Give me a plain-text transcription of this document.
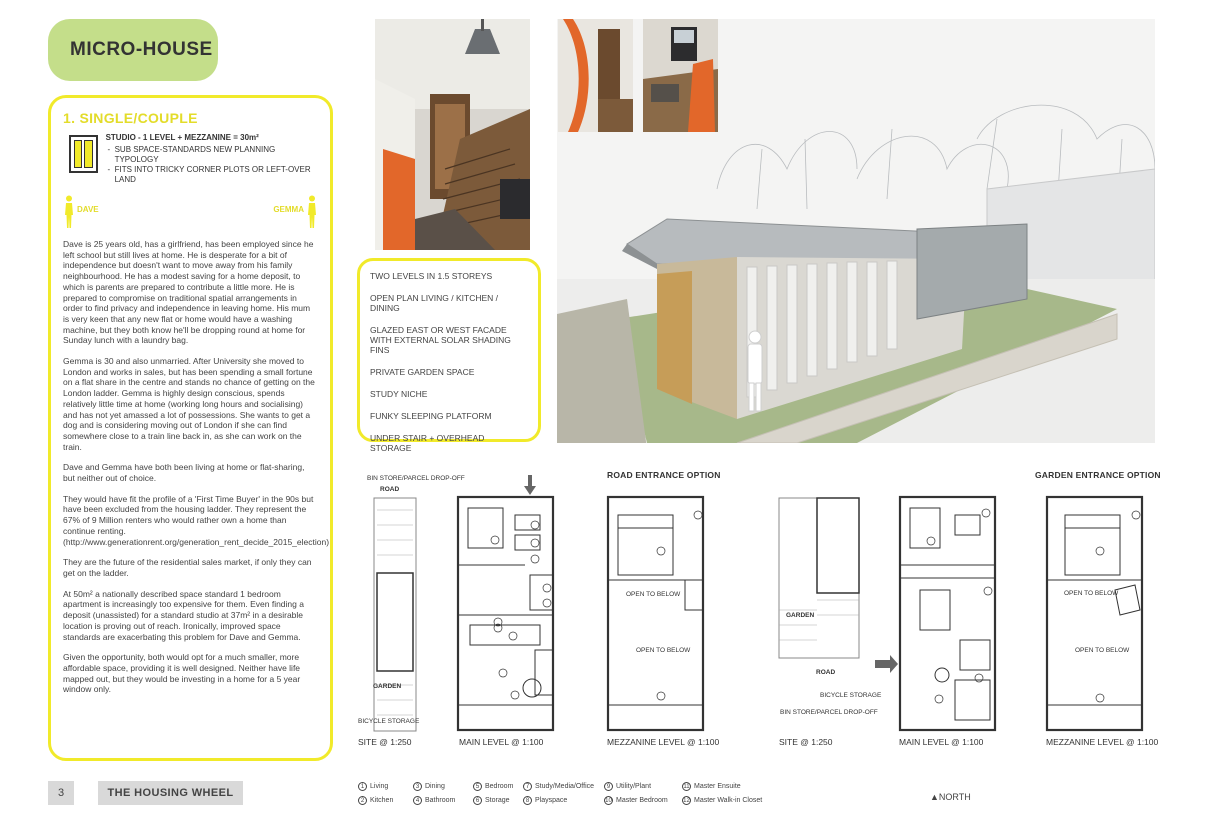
MICRO-HOUSE
1. SINGLE/COUPLE
STUDIO - 1 LEVEL + MEZZANINE = 30m²
- SUB SPACE-STANDARDS NEW PLANNING TYPOLOGY
- FITS INTO TRICKY CORNER PLOTS OR LEFT-OVER LAND
DAVE	GEMMA

Dave is 25 years old, has a girlfriend, has been employed since he left school but still lives at home. He is desperate for a bit of independence but doesn't want to move away from his family neighbourhood. He has a modest saving for a home deposit, to which is parents are prepared to contribute a little more. He is prepared to compromise on traditional spatial arrangements in order to find privacy and independence in leaving home. His mum is very keen that any new flat or home would have a washing machine, but they both know he'll be dropping round at home for Sunday lunch with a laundry bag.

Gemma is 30 and also unmarried. After University she moved to London and works in sales, but has been spending a small fortune on a flat share in the centre and stands no chance of getting on the London ladder. Gemma is highly design conscious, spends relatively little time at home (working long hours and socialising) and has not yet amassed a lot of possessions. She wants to get a dog and is considering moving out of London if she can find somewhere close to a train line back in, as she can work on the train.

Dave and Gemma have both been living at home or flat-sharing, but neither out of choice.

They would have fit the profile of a 'First Time Buyer' in the 90s but have been excluded from the housing ladder. They represent the 67% of 9 Million renters who would rather own a home than continue renting. (http://www.generationrent.org/generation_rent_decide_2015_election)

They are the future of the residential sales market, if only they can get on the ladder.

At 50m² a nationally described space standard 1 bedroom apartment is increasingly too expensive for them. Even finding a deposit (unassisted) for a standard studio at 37m² in a desirable location is proving out of reach. Ironically, improved space standards are exacerbating this problem for Dave and Gemma.

Given the opportunity, both would opt for a much smaller, more affordable space, providing it is well designed. Neither have life mapped out, but they would be investing in a home for a 5 year window only.

TWO LEVELS IN 1.5 STOREYS
OPEN PLAN LIVING / KITCHEN / DINING
GLAZED EAST OR WEST FACADE WITH EXTERNAL SOLAR SHADING FINS
PRIVATE GARDEN SPACE
STUDY NICHE
FUNKY SLEEPING PLATFORM
UNDER STAIR + OVERHEAD STORAGE
ROAD ENTRANCE OPTION	GARDEN ENTRANCE OPTION
BIN STORE/PARCEL DROP-OFF
ROAD
GARDEN
BICYCLE STORAGE
OPEN TO BELOW
OPEN TO BELOW
GARDEN
ROAD
BICYCLE STORAGE
BIN STORE/PARCEL DROP-OFF
OPEN TO BELOW
OPEN TO BELOW
SITE @ 1:250	MAIN LEVEL @ 1:100	MEZZANINE LEVEL @ 1:100	SITE @ 1:250	MAIN LEVEL @ 1:100	MEZZANINE LEVEL @ 1:100
3	THE HOUSING WHEEL
1 Living
2 Kitchen
3 Dining
4 Bathroom
5 Bedroom
6 Storage
7 Study/Media/Office
8 Playspace
9 Utility/Plant
10 Master Bedroom
11 Master Ensuite
12 Master Walk-in Closet	▲NORTH
